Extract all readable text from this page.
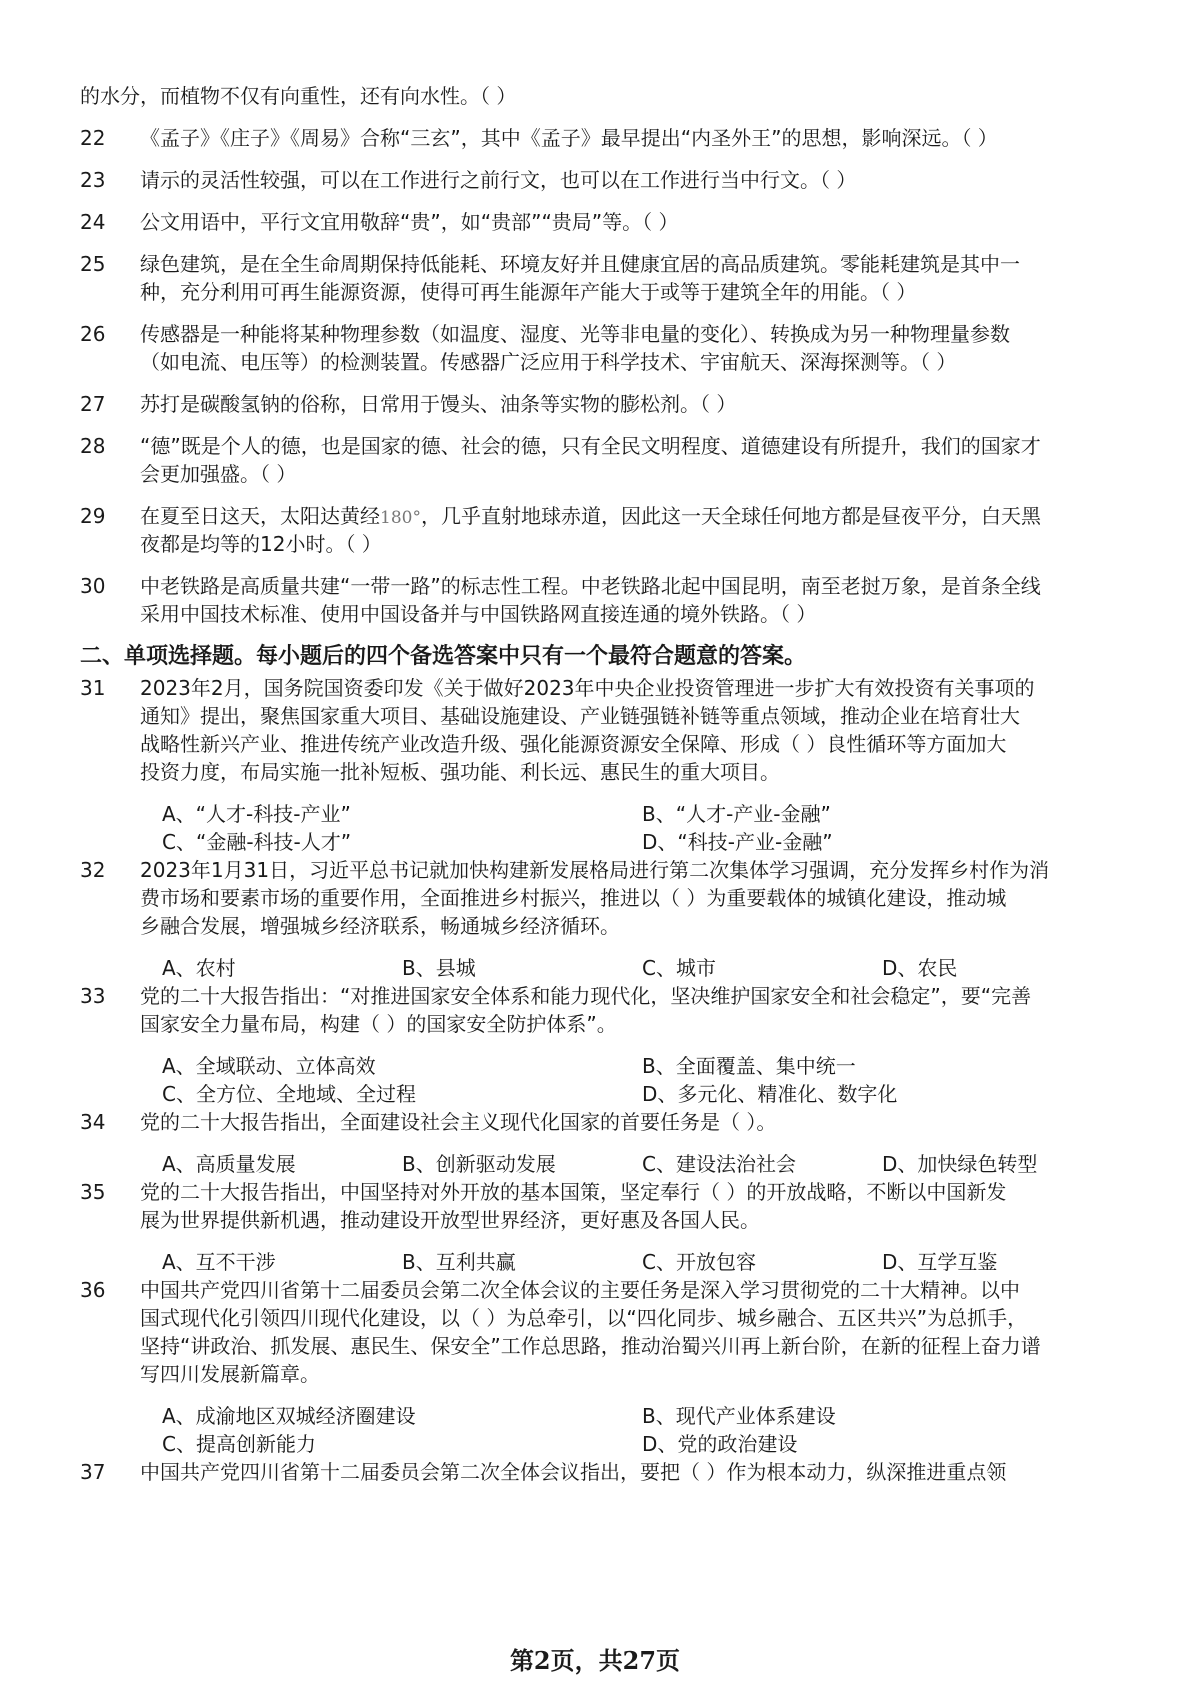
的水分，而植物不仅有向重性，还有向水性。（ ）
22 《孟子》《庄子》《周易》合称“三玄”，其中《孟子》最早提出“内圣外王”的思想，影响深远。（ ）
23 请示的灵活性较强，可以在工作进行之前行文，也可以在工作进行当中行文。（ ）
24 公文用语中，平行文宜用敬辞“贵”，如“贵部”“贵局”等。（ ）
25 绿色建筑，是在全生命周期保持低能耗、环境友好并且健康宜居的高品质建筑。零能耗建筑是其中一
种，充分利用可再生能源资源，使得可再生能源年产能大于或等于建筑全年的用能。（ ）
26 传感器是一种能将某种物理参数（如温度、湿度、光等非电量的变化）、转换成为另一种物理量参数
（如电流、电压等）的检测装置。传感器广泛应用于科学技术、宇宙航天、深海探测等。（ ）
27 苏打是碳酸氢钠的俗称，日常用于馒头、油条等实物的膨松剂。（ ）
28 “德”既是个人的德，也是国家的德、社会的德，只有全民文明程度、道德建设有所提升，我们的国家才
会更加强盛。（ ）
29 在夏至日这天，太阳达黄经180°，几乎直射地球赤道，因此这一天全球任何地方都是昼夜平分，白天黑
夜都是均等的12小时。（ ）
30 中老铁路是高质量共建“一带一路”的标志性工程。中老铁路北起中国昆明，南至老挝万象，是首条全线
采用中国技术标准、使用中国设备并与中国铁路网直接连通的境外铁路。（ ）
二、单项选择题。每小题后的四个备选答案中只有一个最符合题意的答案。
31 2023年2月，国务院国资委印发《关于做好2023年中央企业投资管理进一步扩大有效投资有关事项的
通知》提出，聚焦国家重大项目、基础设施建设、产业链强链补链等重点领域，推动企业在培育壮大
战略性新兴产业、推进传统产业改造升级、强化能源资源安全保障、形成（ ）良性循环等方面加大
投资力度，布局实施一批补短板、强功能、利长远、惠民生的重大项目。
A、“人才-科技-产业”	B、“人才-产业-金融”
C、“金融-科技-人才”	D、“科技-产业-金融”
32 2023年1月31日，习近平总书记就加快构建新发展格局进行第二次集体学习强调，充分发挥乡村作为消
费市场和要素市场的重要作用，全面推进乡村振兴，推进以（ ）为重要载体的城镇化建设，推动城
乡融合发展，增强城乡经济联系，畅通城乡经济循环。
A、农村	B、县城	C、城市	D、农民
33 党的二十大报告指出：“对推进国家安全体系和能力现代化，坚决维护国家安全和社会稳定”，要“完善
国家安全力量布局，构建（ ）的国家安全防护体系”。
A、全域联动、立体高效	B、全面覆盖、集中统一
C、全方位、全地域、全过程	D、多元化、精准化、数字化
34 党的二十大报告指出，全面建设社会主义现代化国家的首要任务是（ ）。
A、高质量发展	B、创新驱动发展	C、建设法治社会	D、加快绿色转型
35 党的二十大报告指出，中国坚持对外开放的基本国策，坚定奉行（ ）的开放战略，不断以中国新发
展为世界提供新机遇，推动建设开放型世界经济，更好惠及各国人民。
A、互不干涉	B、互利共赢	C、开放包容	D、互学互鉴
36 中国共产党四川省第十二届委员会第二次全体会议的主要任务是深入学习贯彻党的二十大精神。以中
国式现代化引领四川现代化建设，以（ ）为总牵引，以“四化同步、城乡融合、五区共兴”为总抓手，
坚持“讲政治、抓发展、惠民生、保安全”工作总思路，推动治蜀兴川再上新台阶，在新的征程上奋力谱
写四川发展新篇章。
A、成渝地区双城经济圈建设	B、现代产业体系建设
C、提高创新能力	D、党的政治建设
37 中国共产党四川省第十二届委员会第二次全体会议指出，要把（ ）作为根本动力，纵深推进重点领
第2页，共27页
